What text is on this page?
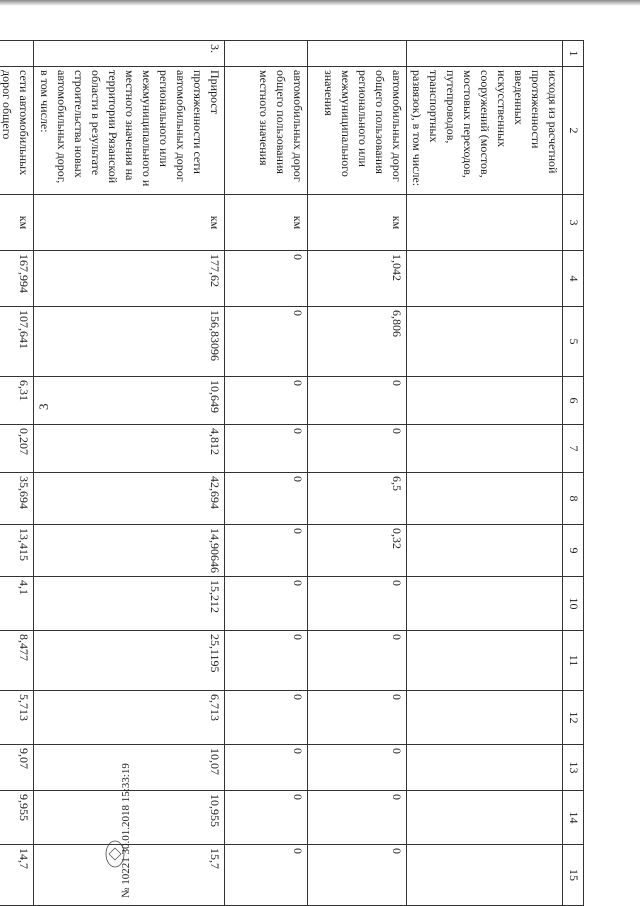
3
1	2	3	4	5	6	7	8	9	10	11	12	13	14	15
	исходя из расчетной протяженности введенных искусственных сооружений (мостов, мостовых переходов, путепроводов, транспортных развязок), в том числе:													
	автомобильных дорог общего пользования регионального или межмуниципального значения	км	1,042	6,806	0	0	6,5	0,32	0	0	0	0	0	0
	автомобильных дорог общего пользования местного значения	км	0	0	0	0	0	0	0	0	0	0	0	0
3.	Прирост протяженности сети автомобильных дорог регионального или межмуниципального и местного значения на территории Рязанской области в результате строительства новых автомобильных дорог, в том числе:	км	177,62	156,83096	10,649	4,812	42,694	14,90646	15,212	25,1195	6,713	10,07	10,955	15,7
	сети автомобильных дорог общего	км	167,994	107,641	6,31	0,207	35,694	13,415	4,1	8,477	5,713	9,07	9,955	14,7
															№ 10221 30.01.2018 15:33:19
